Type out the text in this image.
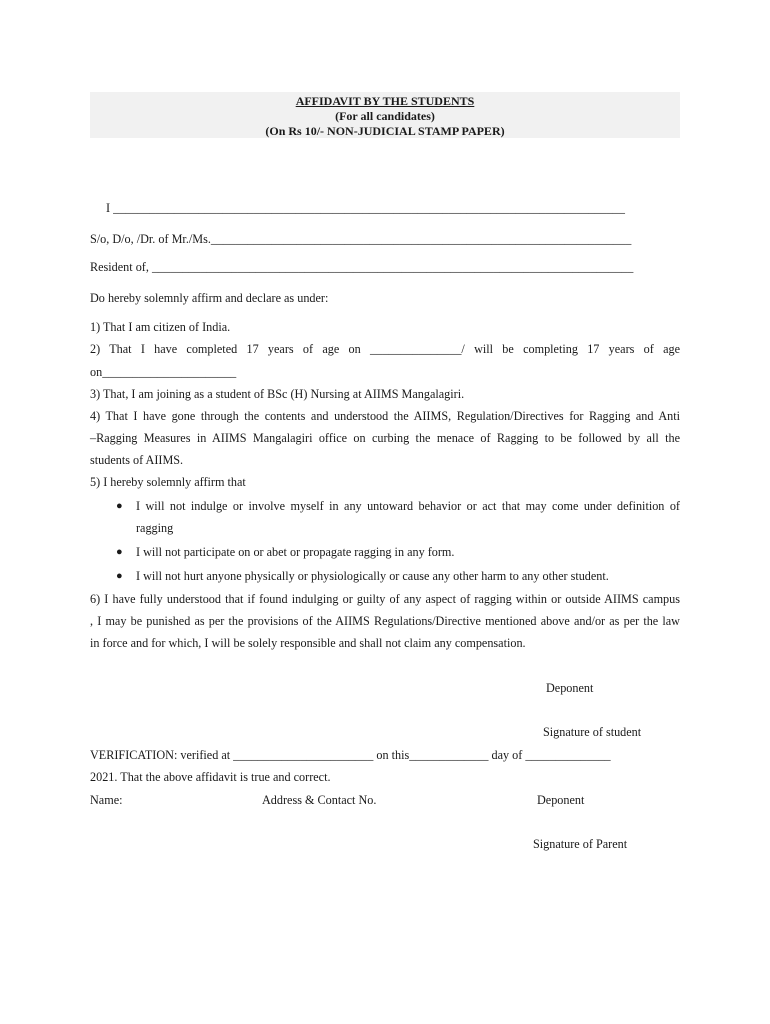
AFFIDAVIT BY THE STUDENTS
(For all candidates)
(On Rs 10/- NON-JUDICIAL STAMP PAPER)
I ____________________________________________________________________________________
S/o, D/o, /Dr. of Mr./Ms._____________________________________________________________________
Resident of, _______________________________________________________________________________
Do hereby solemnly affirm and declare as under:
1) That I am citizen of India.
2) That I have completed 17 years of age on _______________/ will be completing 17 years of age
on______________________
3) That, I am joining as a student of BSc (H) Nursing at AIIMS Mangalagiri.
4) That I have gone through the contents and understood the AIIMS, Regulation/Directives for Ragging and Anti
–Ragging Measures in AIIMS Mangalagiri office on curbing the menace of Ragging to be followed by all the
students of AIIMS.
5) I hereby solemnly affirm that
● I will not indulge or involve myself in any untoward behavior or act that may come under definition of
ragging
● I will not participate on or abet or propagate ragging in any form.
● I will not hurt anyone physically or physiologically or cause any other harm to any other student.
6) I have fully understood that if found indulging or guilty of any aspect of ragging within or outside AIIMS campus
, I may be punished as per the provisions of the AIIMS Regulations/Directive mentioned above and/or as per the law
in force and for which, I will be solely responsible and shall not claim any compensation.
Deponent
Signature of student
VERIFICATION: verified at _______________________ on this_____________ day of ______________
2021. That the above affidavit is true and correct.
Name:	Address & Contact No.	Deponent
Signature of Parent
